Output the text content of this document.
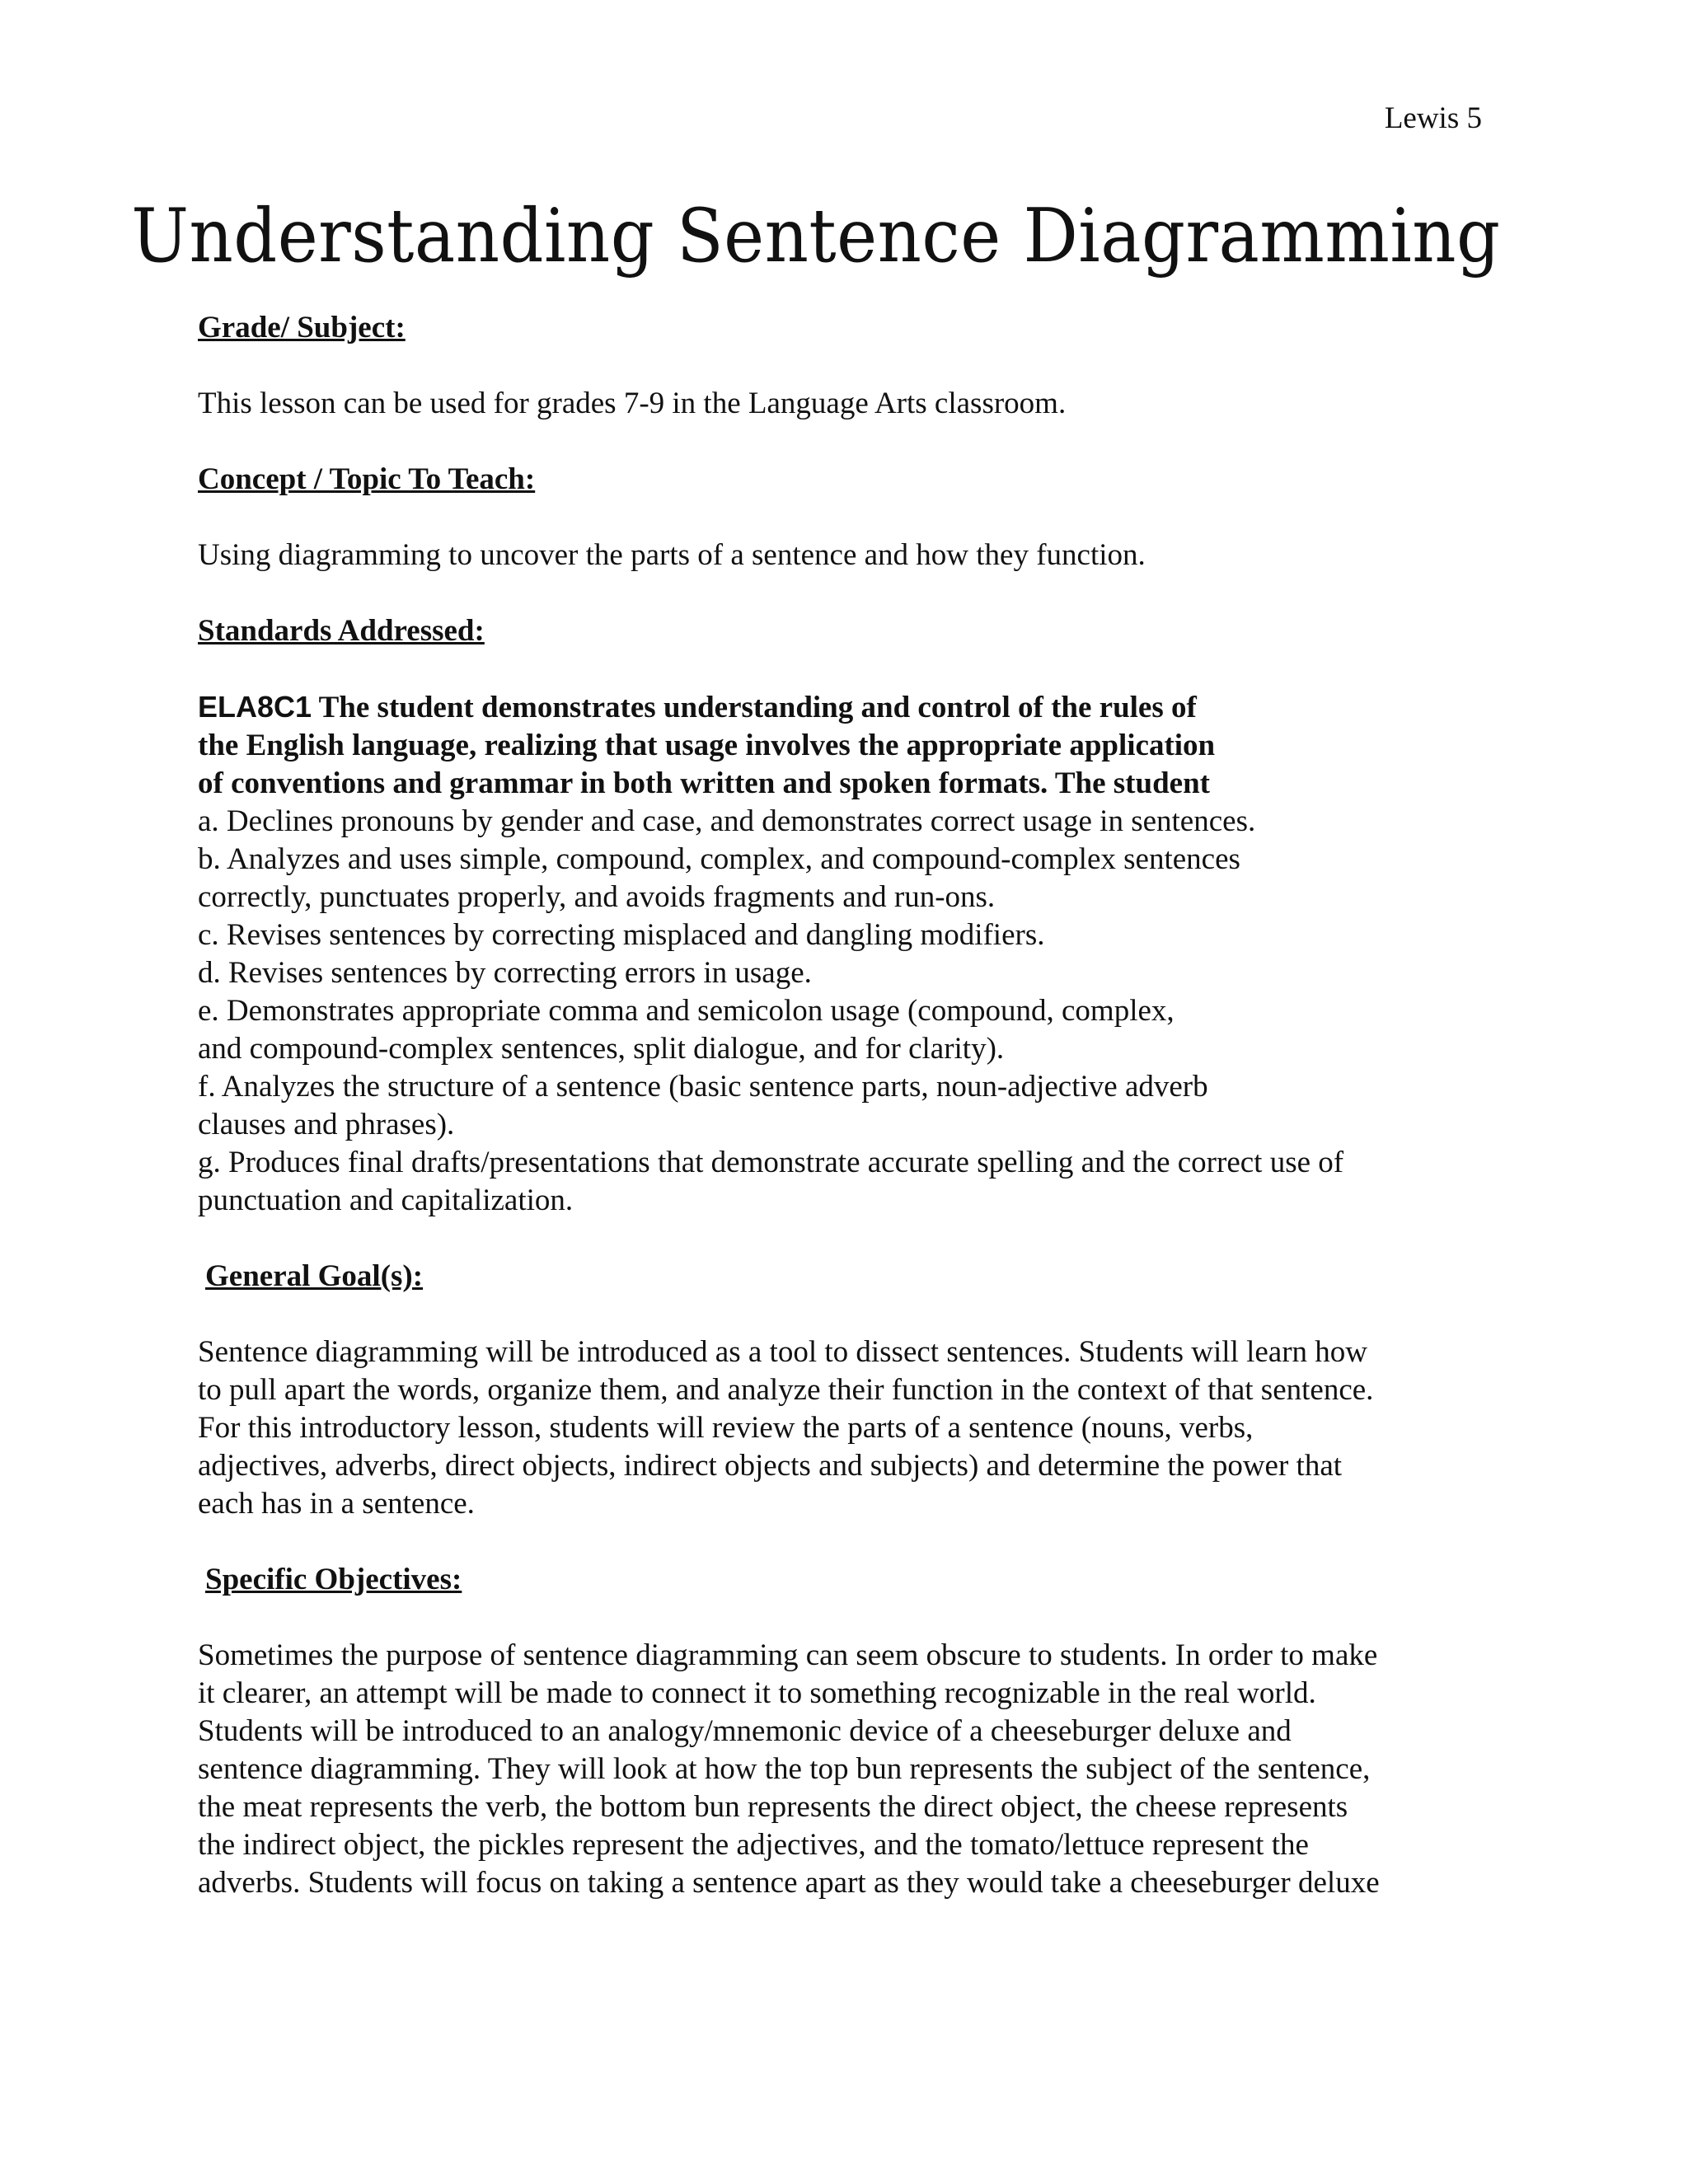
Lewis 5
Understanding Sentence Diagramming
Grade/ Subject:
This lesson can be used for grades 7-9 in the Language Arts classroom.
Concept / Topic To Teach:
Using diagramming to uncover the parts of a sentence and how they function.
Standards Addressed:
ELA8C1 The student demonstrates understanding and control of the rules of
the English language, realizing that usage involves the appropriate application
of conventions and grammar in both written and spoken formats. The student
a. Declines pronouns by gender and case, and demonstrates correct usage in sentences.
b. Analyzes and uses simple, compound, complex, and compound-complex sentences
correctly, punctuates properly, and avoids fragments and run-ons.
c. Revises sentences by correcting misplaced and dangling modifiers.
d. Revises sentences by correcting errors in usage.
e. Demonstrates appropriate comma and semicolon usage (compound, complex,
and compound-complex sentences, split dialogue, and for clarity).
f. Analyzes the structure of a sentence (basic sentence parts, noun-adjective adverb
clauses and phrases).
g. Produces final drafts/presentations that demonstrate accurate spelling and the correct use of
punctuation and capitalization.
General Goal(s):
Sentence diagramming will be introduced as a tool to dissect sentences. Students will learn how
to pull apart the words, organize them, and analyze their function in the context of that sentence.
For this introductory lesson, students will review the parts of a sentence (nouns, verbs,
adjectives, adverbs, direct objects, indirect objects and subjects) and determine the power that
each has in a sentence.
Specific Objectives:
Sometimes the purpose of sentence diagramming can seem obscure to students. In order to make
it clearer, an attempt will be made to connect it to something recognizable in the real world.
Students will be introduced to an analogy/mnemonic device of a cheeseburger deluxe and
sentence diagramming. They will look at how the top bun represents the subject of the sentence,
the meat represents the verb, the bottom bun represents the direct object, the cheese represents
the indirect object, the pickles represent the adjectives, and the tomato/lettuce represent the
adverbs. Students will focus on taking a sentence apart as they would take a cheeseburger deluxe
